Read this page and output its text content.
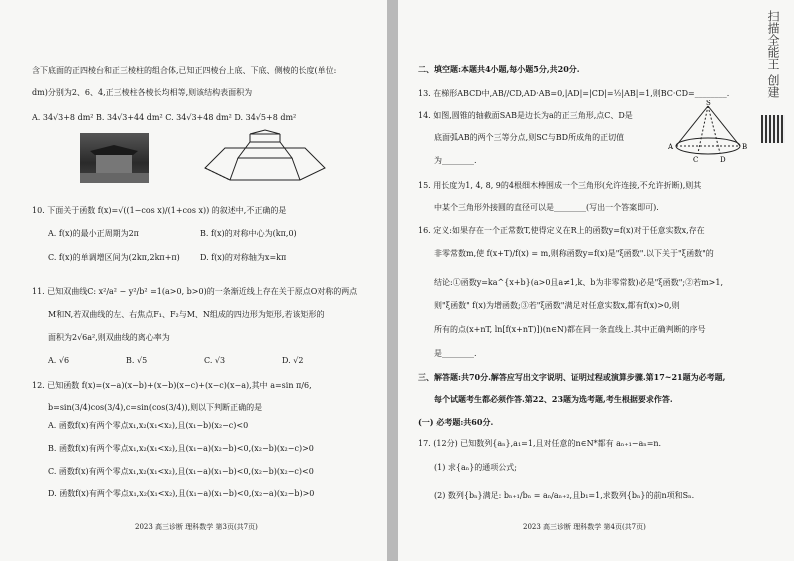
含下底面的正四棱台和正三棱柱的组合体,已知正四棱台上底、下底、侧棱的长度(单位:
dm)分别为2、6、4,正三棱柱各棱长均相等,则该结构表面积为
A. 34√3+8 dm² B. 34√3+44 dm² C. 34√3+48 dm² D. 34√5+8 dm²
10. 下面关于函数 f(x)=√((1−cos x)/(1+cos x)) 的叙述中,不正确的是
A. f(x)的最小正周期为2π	B. f(x)的对称中心为(kπ,0)
C. f(x)的单调增区间为(2kπ,2kπ+π)	D. f(x)的对称轴为x=kπ
11. 已知双曲线C: x²/a² − y²/b² =1(a>0, b>0)的一条渐近线上存在关于原点O对称的两点
M和N,若双曲线的左、右焦点F₁、F₂与M、N组成的四边形为矩形,若该矩形的
面积为2√6a²,则双曲线的离心率为
A. √6	B. √5	C. √3	D. √2
12. 已知函数 f(x)=(x−a)(x−b)+(x−b)(x−c)+(x−c)(x−a),其中 a=sin π/6,
b=sin(3/4)cos(3/4),c=sin(cos(3/4)),则以下判断正确的是
A. 函数f(x)有两个零点x₁,x₂(x₁<x₂),且(x₁−b)(x₂−c)<0
B. 函数f(x)有两个零点x₁,x₂(x₁<x₂),且(x₁−a)(x₂−b)<0,(x₂−b)(x₂−c)>0
C. 函数f(x)有两个零点x₁,x₂(x₁<x₂),且(x₁−a)(x₁−b)<0,(x₂−b)(x₂−c)<0
D. 函数f(x)有两个零点x₁,x₂(x₁<x₂),且(x₁−a)(x₁−b)<0,(x₂−a)(x₂−b)>0
2023 高三诊断 理科数学 第3页(共7页)
二、填空题:本题共4小题,每小题5分,共20分.
13. 在梯形ABCD中,AB//CD,AD·AB=0,|AD|=|CD|=½|AB|=1,则BC·CD=________.
14. 如图,圆锥的轴截面SAB是边长为a的正三角形,点C、D是
底面弧AB的两个三等分点,则SC与BD所成角的正切值
为________.
S
A	B
C	D
15. 用长度为1, 4, 8, 9的4根细木棒围成一个三角形(允许连接,不允许折断),则其
中某个三角形外接圆的直径可以是________(写出一个答案即可).
16. 定义:如果存在一个正常数T,使得定义在R上的函数y=f(x)对于任意实数x,存在
非零常数m,使 f(x+T)/f(x) = m,则称函数y=f(x)是"ξ函数".以下关于"ξ函数"的
结论:①函数y=ka^{x+b}(a>0且a≠1,k、b为非零常数)必是"ξ函数";②若m>1,
则"ξ函数" f(x)为增函数;③若"ξ函数"满足对任意实数x,都有f(x)>0,则
所有的点(x+nT, ln[f(x+nT)])(n∈N)都在同一条直线上.其中正确判断的序号
是________.
三、解答题:共70分.解答应写出文字说明、证明过程或演算步骤.第17~21题为必考题,
每个试题考生都必须作答.第22、23题为选考题,考生根据要求作答.
(一) 必考题:共60分.
17. (12分) 已知数列{aₙ},a₁=1,且对任意的n∈N*都有 aₙ₊₁−aₙ=n.
(1) 求{aₙ}的通项公式;
(2) 数列{bₙ}满足: bₙ₊₁/bₙ = aₙ/aₙ₊₂,且b₁=1,求数列{bₙ}的前n项和Sₙ.
扫描全能王 创建
2023 高三诊断 理科数学 第4页(共7页)
